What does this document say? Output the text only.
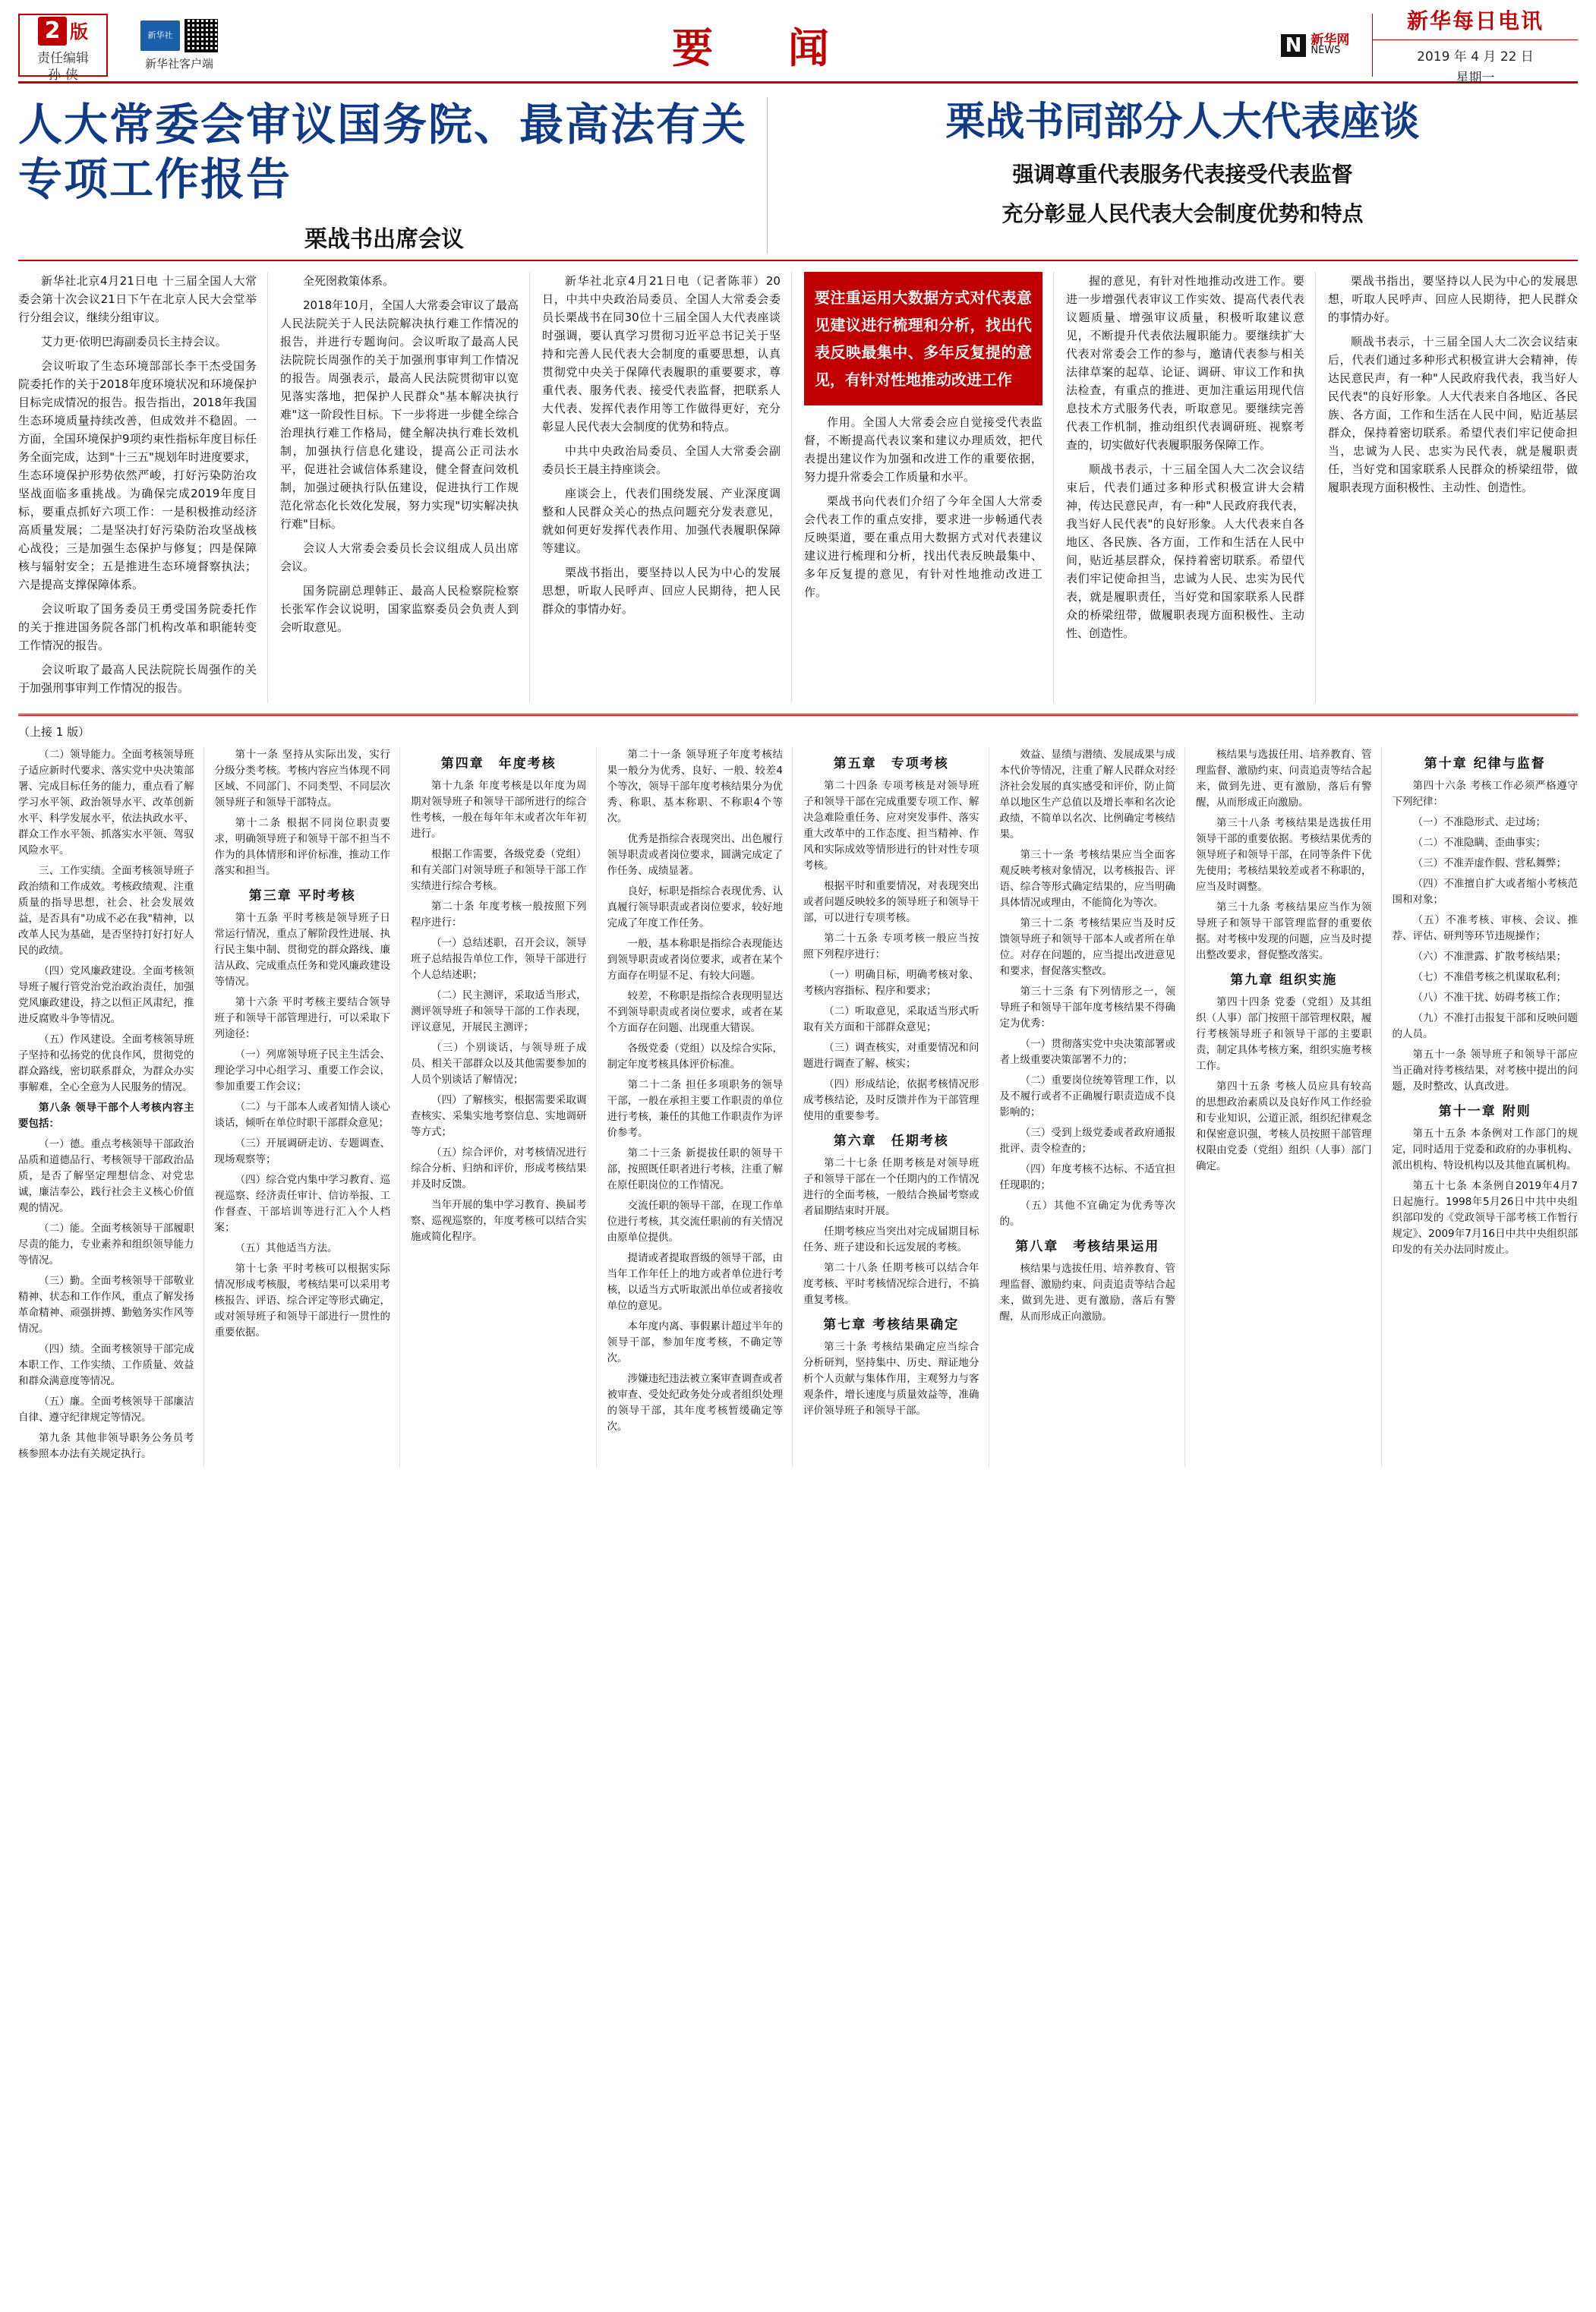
2 版
责任编辑
孙 侠
新华社
新华社客户端	要 闻	N 新华网
NEWS
新华每日电讯
2019 年 4 月 22 日
星期一
人大常委会审议国务院、最高法有关专项工作报告
栗战书出席会议
栗战书同部分人大代表座谈
强调尊重代表服务代表接受代表监督
充分彰显人民代表大会制度优势和特点

新华社北京4月21日电 十三届全国人大常委会第十次会议21日下午在北京人民大会堂举行分组会议，继续分组审议。

艾力更·依明巴海副委员长主持会议。

会议听取了生态环境部部长李干杰受国务院委托作的关于2018年度环境状况和环境保护目标完成情况的报告。报告指出，2018年我国生态环境质量持续改善，但成效并不稳固。一方面，全国环境保护9项约束性指标年度目标任务全面完成，达到"十三五"规划年时进度要求，生态环境保护形势依然严峻，打好污染防治攻坚战面临多重挑战。为确保完成2019年度目标，要重点抓好六项工作：一是积极推动经济高质量发展；二是坚决打好污染防治攻坚战核心战役；三是加强生态保护与修复；四是保障核与辐射安全；五是推进生态环境督察执法；六是提高支撑保障体系。

会议听取了国务委员王勇受国务院委托作的关于推进国务院各部门机构改革和职能转变工作情况的报告。

会议听取了最高人民法院院长周强作的关于加强刑事审判工作情况的报告。

全死囹救策体系。

2018年10月，全国人大常委会审议了最高人民法院关于人民法院解决执行难工作情况的报告，并进行专题询问。会议听取了最高人民法院院长周强作的关于加强刑事审判工作情况的报告。周强表示，最高人民法院贯彻审以宽见落实落地，把保护人民群众"基本解决执行难"这一阶段性目标。下一步将进一步健全综合治理执行难工作格局，健全解决执行难长效机制，加强执行信息化建设，提高公正司法水平，促进社会诚信体系建设，健全督查问效机制，加强过硬执行队伍建设，促进执行工作规范化常态化长效化发展，努力实现"切实解决执行难"目标。

会议人大常委会委员长会议组成人员出席会议。

国务院副总理韩正、最高人民检察院检察长张军作会议说明，国家监察委员会负责人到会听取意见。

新华社北京4月21日电（记者陈菲）20日，中共中央政治局委员、全国人大常委会委员长栗战书在同30位十三届全国人大代表座谈时强调，要认真学习贯彻习近平总书记关于坚持和完善人民代表大会制度的重要思想，认真贯彻党中央关于保障代表履职的重要要求，尊重代表、服务代表、接受代表监督，把联系人大代表、发挥代表作用等工作做得更好，充分彰显人民代表大会制度的优势和特点。

中共中央政治局委员、全国人大常委会副委员长王晨主持座谈会。

座谈会上，代表们围绕发展、产业深度调整和人民群众关心的热点问题充分发表意见，就如何更好发挥代表作用、加强代表履职保障等建议。

栗战书指出，要坚持以人民为中心的发展思想，听取人民呼声、回应人民期待，把人民群众的事情办好。

要注重运用大数据方式对代表意见建议进行梳理和分析，找出代表反映最集中、多年反复提的意见，有针对性地推动改进工作

作用。全国人大常委会应自觉接受代表监督，不断提高代表议案和建议办理质效，把代表提出建议作为加强和改进工作的重要依据，努力提升常委会工作质量和水平。

栗战书向代表们介绍了今年全国人大常委会代表工作的重点安排，要求进一步畅通代表反映渠道，要在重点用大数据方式对代表建议建议进行梳理和分析，找出代表反映最集中、多年反复提的意见，有针对性地推动改进工作。

握的意见，有针对性地推动改进工作。要进一步增强代表审议工作实效、提高代表代表议题质量、增强审议质量，积极听取建议意见，不断提升代表依法履职能力。要继续扩大代表对常委会工作的参与，邀请代表参与相关法律草案的起草、论证、调研、审议工作和执法检查，有重点的推进、更加注重运用现代信息技术方式服务代表，听取意见。要继续完善代表工作机制，推动组织代表调研班、视察考查的，切实做好代表履职服务保障工作。

顺战书表示，十三届全国人大二次会议结束后，代表们通过多种形式积极宣讲大会精神，传达民意民声，有一种"人民政府我代表，我当好人民代表"的良好形象。人大代表来自各地区、各民族、各方面，工作和生活在人民中间，贴近基层群众，保持着密切联系。希望代表们牢记使命担当，忠诚为人民、忠实为民代表，就是履职责任，当好党和国家联系人民群众的桥梁纽带，做履职表现方面积极性、主动性、创造性。

栗战书指出，要坚持以人民为中心的发展思想，听取人民呼声、回应人民期待，把人民群众的事情办好。

顺战书表示，十三届全国人大二次会议结束后，代表们通过多种形式积极宣讲大会精神，传达民意民声，有一种"人民政府我代表，我当好人民代表"的良好形象。人大代表来自各地区、各民族、各方面，工作和生活在人民中间，贴近基层群众，保持着密切联系。希望代表们牢记使命担当，忠诚为人民、忠实为民代表，就是履职责任，当好党和国家联系人民群众的桥梁纽带，做履职表现方面积极性、主动性、创造性。

（上接 1 版）

（二）领导能力。全面考核领导班子适应新时代要求、落实党中央决策部署、完成目标任务的能力，重点看了解学习水平领、政治领导水平、改革创新水平、科学发展水平，依法执政水平、群众工作水平领、抓落实水平领、驾驭风险水平。

三、工作实绩。全面考核领导班子政治绩和工作成效。考核政绩观、注重质量的指导思想，社会、社会发展效益，是否具有"功成不必在我"精神，以改革人民为基础，是否坚持打好打好人民的政绩。

（四）党风廉政建设。全面考核领导班子履行管党治党治政治责任，加强党风廉政建设，持之以恒正风肃纪，推进反腐败斗争等情况。

（五）作风建设。全面考核领导班子坚持和弘扬党的优良作风，贯彻党的群众路线，密切联系群众，为群众办实事解难，全心全意为人民服务的情况。

第八条 领导干部个人考核内容主要包括：

（一）德。重点考核领导干部政治品质和道德品行、考核领导干部政治品质，是否了解坚定理想信念、对党忠诚，廉洁奉公，践行社会主义核心价值观的情况。

（二）能。全面考核领导干部履职尽责的能力，专业素养和组织领导能力等情况。

（三）勤。全面考核领导干部敬业精神、状态和工作作风，重点了解发扬革命精神、顽强拼搏、勤勉务实作风等情况。

（四）绩。全面考核领导干部完成本职工作、工作实绩、工作质量、效益和群众满意度等情况。

（五）廉。全面考核领导干部廉洁自律、遵守纪律规定等情况。

第九条 其他非领导职务公务员考核参照本办法有关规定执行。

第十一条 坚持从实际出发，实行分级分类考核。考核内容应当体现不同区域、不同部门、不同类型、不同层次领导班子和领导干部特点。

第十二条 根据不同岗位职责要求，明确领导班子和领导干部不担当不作为的具体情形和评价标准，推动工作落实和担当。

第三章 平时考核

第十五条 平时考核是领导班子日常运行情况，重点了解阶段性进展、执行民主集中制、贯彻党的群众路线、廉洁从政、完成重点任务和党风廉政建设等情况。

第十六条 平时考核主要结合领导班子和领导干部管理进行，可以采取下列途径：

（一）列席领导班子民主生活会、理论学习中心组学习、重要工作会议，参加重要工作会议；

（二）与干部本人或者知情人谈心谈话，倾听在单位时职干部群众意见；

（三）开展调研走访、专题调查、现场观察等；

（四）综合党内集中学习教育、巡视巡察、经济责任审计、信访举报、工作督查、干部培训等进行汇入个人档案；

（五）其他适当方法。

第十七条 平时考核可以根据实际情况形成考核服，考核结果可以采用考核报告、评语、综合评定等形式确定，或对领导班子和领导干部进行一贯性的重要依据。

第四章　年度考核

第十九条 年度考核是以年度为周期对领导班子和领导干部所进行的综合性考核，一般在每年年末或者次年年初进行。

根据工作需要，各级党委（党组）和有关部门对领导班子和领导干部工作实绩进行综合考核。

第二十条 年度考核一般按照下列程序进行：

（一）总结述职，召开会议，领导班子总结报告单位工作，领导干部进行个人总结述职；

（二）民主测评，采取适当形式，测评领导班子和领导干部的工作表现，评议意见，开展民主测评；

（三）个别谈话，与领导班子成员、相关干部群众以及其他需要参加的人员个别谈话了解情况；

（四）了解核实，根据需要采取调查核实、采集实地考察信息、实地调研等方式；

（五）综合评价，对考核情况进行综合分析、归纳和评价，形成考核结果并及时反馈。

当年开展的集中学习教育、换届考察、巡视巡察的，年度考核可以结合实施或简化程序。

第二十一条 领导班子年度考核结果一般分为优秀、良好、一般、较差4个等次，领导干部年度考核结果分为优秀、称职、基本称职、不称职4个等次。

优秀是指综合表现突出、出色履行领导职责或者岗位要求，圆满完成定了作任务、成绩显著。

良好，标职是指综合表现优秀、认真履行领导职责或者岗位要求，较好地完成了年度工作任务。

一般，基本称职是指综合表现能达到领导职责或者岗位要求，或者在某个方面存在明显不足、有较大问题。

较差，不称职是指综合表现明显达不到领导职责或者岗位要求，或者在某个方面存在问题、出现重大错误。

各级党委（党组）以及综合实际，制定年度考核具体评价标准。

第二十二条 担任多项职务的领导干部，一般在承担主要工作职责的单位进行考核，兼任的其他工作职责作为评价参考。

第二十三条 新提拔任职的领导干部，按照既任职者进行考核，注重了解在原任职岗位的工作情况。

交流任职的领导干部，在现工作单位进行考核，其交流任职前的有关情况由原单位提供。

提请或者提取晋级的领导干部，由当年工作年任上的地方或者单位进行考核，以适当方式听取派出单位或者接收单位的意见。

本年度内离、事假累计超过半年的领导干部，参加年度考核，不确定等次。

涉嫌违纪违法被立案审查调查或者被审查、受处纪政务处分或者组织处理的领导干部，其年度考核暂缓确定等次。

第五章　专项考核

第二十四条 专项考核是对领导班子和领导干部在完成重要专项工作、解决急难险重任务、应对突发事件、落实重大改革中的工作态度、担当精神、作风和实际成效等情形进行的针对性专项考核。

根据平时和重要情况，对表现突出或者问题反映较多的领导班子和领导干部，可以进行专项考核。

第二十五条 专项考核一般应当按照下列程序进行：

（一）明确目标，明确考核对象、考核内容指标、程序和要求；

（二）听取意见，采取适当形式听取有关方面和干部群众意见；

（三）调查核实，对重要情况和问题进行调查了解、核实；

（四）形成结论，依据考核情况形成考核结论，及时反馈并作为干部管理使用的重要参考。

第六章　任期考核

第二十七条 任期考核是对领导班子和领导干部在一个任期内的工作情况进行的全面考核，一般结合换届考察或者届期结束时开展。

任期考核应当突出对完成届期目标任务、班子建设和长远发展的考核。

第二十八条 任期考核可以结合年度考核、平时考核情况综合进行，不搞重复考核。

第七章 考核结果确定

第三十条 考核结果确定应当综合分析研判，坚持集中、历史、辩证地分析个人贡献与集体作用，主观努力与客观条件，增长速度与质量效益等，准确评价领导班子和领导干部。

效益、显绩与潜绩、发展成果与成本代价等情况，注重了解人民群众对经济社会发展的真实感受和评价，防止简单以地区生产总值以及增长率和名次论政绩，不简单以名次、比例确定考核结果。

第三十一条 考核结果应当全面客观反映考核对象情况，以考核报告、评语、综合等形式确定结果的，应当明确具体情况或理由，不能简化为等次。

第三十二条 考核结果应当及时反馈领导班子和领导干部本人或者所在单位。对存在问题的，应当提出改进意见和要求，督促落实整改。

第三十三条 有下列情形之一，领导班子和领导干部年度考核结果不得确定为优秀：

（一）贯彻落实党中央决策部署或者上级重要决策部署不力的；

（二）重要岗位统筹管理工作，以及不履行或者不正确履行职责造成不良影响的；

（三）受到上级党委或者政府通报批评、责令检查的；

（四）年度考核不达标、不适宜担任现职的；

（五）其他不宜确定为优秀等次的。

第八章　考核结果运用

核结果与选拔任用、培养教育、管理监督、激励约束、问责追责等结合起来，做到先进、更有激励，落后有警醒，从而形成正向激励。

核结果与选拔任用、培养教育、管理监督、激励约束、问责追责等结合起来，做到先进、更有激励，落后有警醒，从而形成正向激励。

第三十八条 考核结果是选拔任用领导干部的重要依据。考核结果优秀的领导班子和领导干部，在同等条件下优先使用；考核结果较差或者不称职的，应当及时调整。

第三十九条 考核结果应当作为领导班子和领导干部管理监督的重要依据。对考核中发现的问题，应当及时提出整改要求，督促整改落实。

第九章 组织实施

第四十四条 党委（党组）及其组织（人事）部门按照干部管理权限，履行考核领导班子和领导干部的主要职责，制定具体考核方案，组织实施考核工作。

第四十五条 考核人员应具有较高的思想政治素质以及良好作风工作经验和专业知识，公道正派，组织纪律观念和保密意识强，考核人员按照干部管理权限由党委（党组）组织（人事）部门确定。

第十章 纪律与监督

第四十六条 考核工作必须严格遵守下列纪律：

（一）不准隐形式、走过场；

（二）不准隐瞒、歪曲事实；

（三）不准弄虚作假、营私舞弊；

（四）不准擅自扩大或者缩小考核范围和对象；

（五）不准考核、审核、会议、推荐、评估、研判等环节违规操作；

（六）不准泄露、扩散考核结果；

（七）不准借考核之机谋取私利；

（八）不准干扰、妨碍考核工作；

（九）不准打击报复干部和反映问题的人员。

第五十一条 领导班子和领导干部应当正确对待考核结果，对考核中提出的问题，及时整改、认真改进。

第十一章 附则

第五十五条 本条例对工作部门的规定，同时适用于党委和政府的办事机构、派出机构、特设机构以及其他直属机构。

第五十七条 本条例自2019年4月7日起施行。1998年5月26日中共中央组织部印发的《党政领导干部考核工作暂行规定》、2009年7月16日中共中央组织部印发的有关办法同时废止。
